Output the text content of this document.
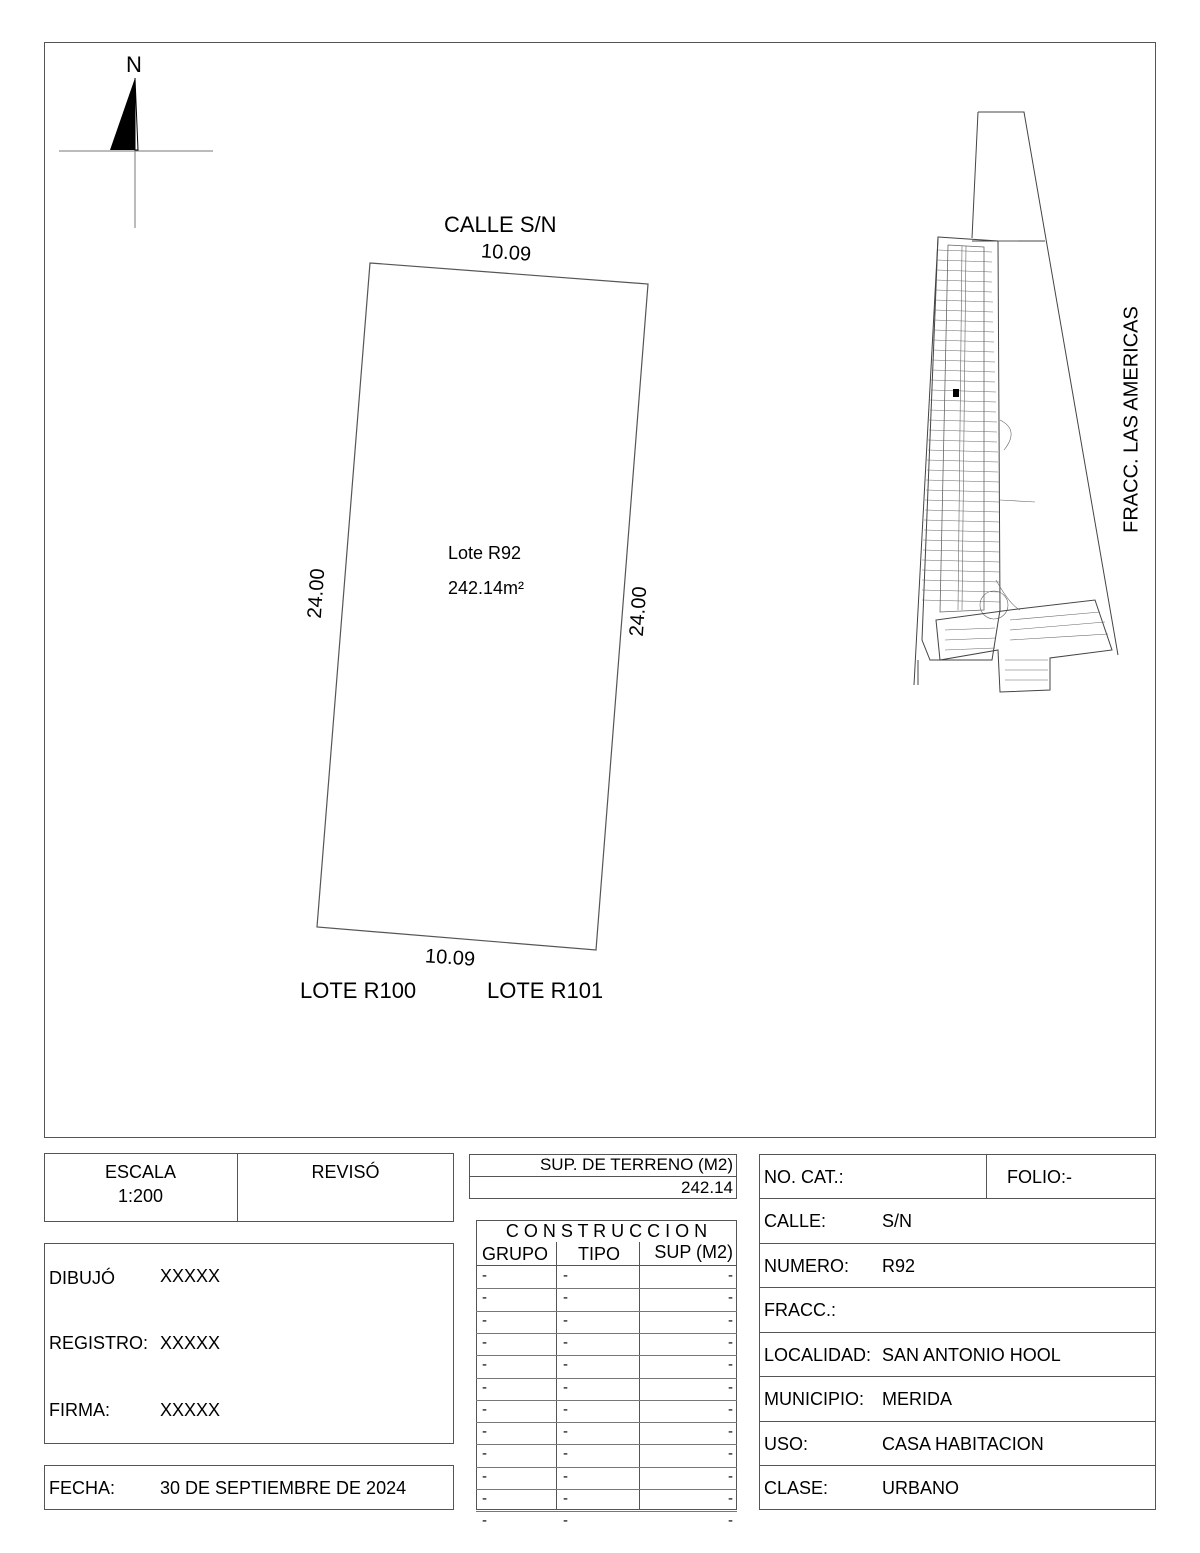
N
CALLE S/N
10.09
24.00	24.00
Lote R92
242.14m²
10.09
LOTE R100	LOTE R101
FRACC. LAS AMERICAS
ESCALA
1:200
REVISÓ
DIBUJÓ XXXXX
REGISTRO: XXXXX
FIRMA:	XXXXX
FECHA: 30 DE SEPTIEMBRE DE 2024
SUP. DE TERRENO (M2)
242.14
C O N S T R U C C I O N
GRUPO TIPO	SUP (M2)
-	-	-
-	-	-
-	-	-
-	-	-
-	-	-
-	-	-
-	-	-
-	-	-
-	-	-
-	-	-
-	-	-
-	-	-
NO. CAT.:	FOLIO:-
CALLE:	S/N
NUMERO: R92
FRACC.:
LOCALIDAD: SAN ANTONIO HOOL
MUNICIPIO: MERIDA
USO:	CASA HABITACION
CLASE:	URBANO
